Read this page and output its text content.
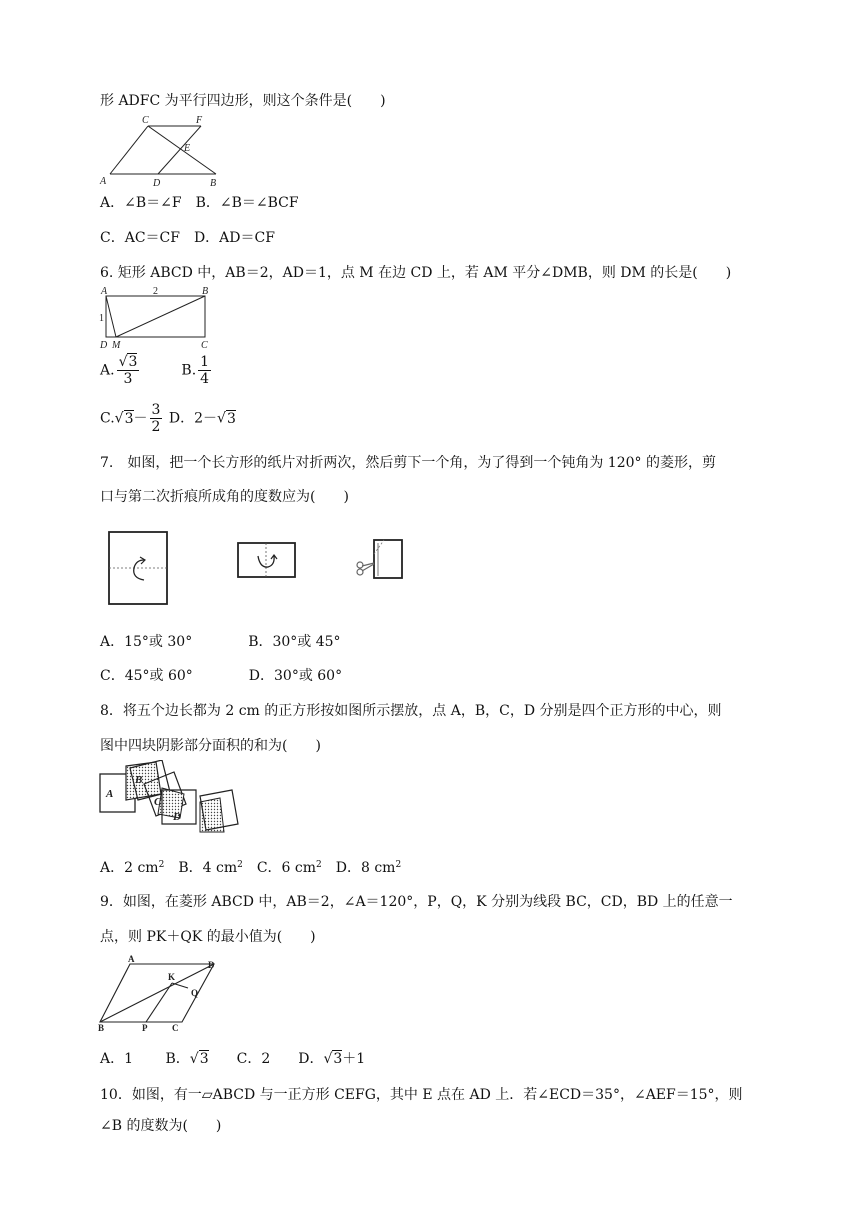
形 ADFC 为平行四边形，则这个条件是(　　)
C	F
E
A	D	B
A．∠B＝∠F　B．∠B＝∠BCF
C．AC＝CF　D．AD＝CF
6. 矩形 ABCD 中，AB＝2，AD＝1，点 M 在边 CD 上，若 AM 平分∠DMB，则 DM 的长是(　　)
A	2	B
1
D M	C
A. $\frac{√3}{3}$	B. $\frac{1}{4}$
$C.√3- \frac{3}{2}$ D．2－√3
7.　如图，把一个长方形的纸片对折两次，然后剪下一个角，为了得到一个钝角为 120° 的菱形，剪
口与第二次折痕所成角的度数应为(　　)
A．15°或 30°　　　　B．30°或 45°
C．45°或 60°　　　　D．30°或 60°
8．将五个边长都为 2 cm 的正方形按如图所示摆放，点 A，B，C，D 分别是四个正方形的中心，则
图中四块阴影部分面积的和为(　　)
A
B
C
D
A．2 $cm^2$　B．4 $cm^2$　C．6 $cm^2$　D．8 $cm^2$
9．如图，在菱形 ABCD 中，AB＝2，∠A＝120°，P，Q，K 分别为线段 BC，CD，BD 上的任意一
点，则 PK＋QK 的最小值为(　　)
A
K
D
Q
B	P	C
A．1　　 B．√3　　C．2　　D．√3＋1
10．如图，有一▱ABCD 与一正方形 CEFG，其中 E 点在 AD 上．若∠ECD＝35°，∠AEF＝15°，则
∠B 的度数为(　　)
